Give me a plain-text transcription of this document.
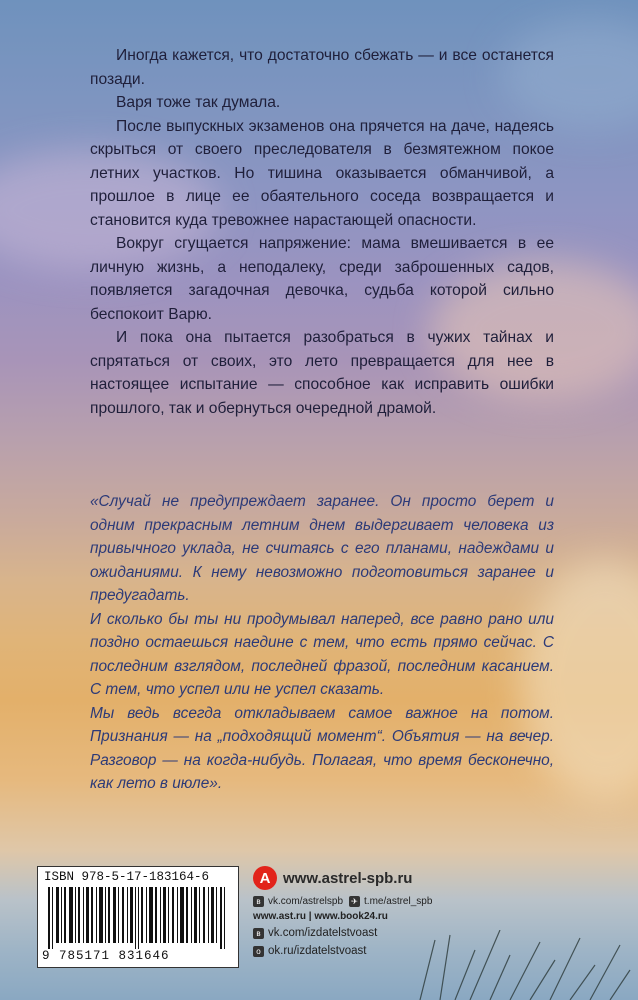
Иногда кажется, что достаточно сбежать — и все останется позади.

Варя тоже так думала.

После выпускных экзаменов она прячется на даче, надеясь скрыться от своего преследователя в безмятежном покое летних участков. Но тишина оказывается обманчивой, а прошлое в лице ее обаятельного соседа возвращается и становится куда тревожнее нарастающей опасности.

Вокруг сгущается напряжение: мама вмешивается в ее личную жизнь, а неподалеку, среди заброшенных садов, появляется загадочная девочка, судьба которой сильно беспокоит Варю.

И пока она пытается разобраться в чужих тайнах и спрятаться от своих, это лето превращается для нее в настоящее испытание — способное как исправить ошибки прошлого, так и обернуться очередной драмой.

«Случай не предупреждает заранее. Он просто берет и одним прекрасным летним днем выдергивает человека из привычного уклада, не считаясь с его планами, надеждами и ожиданиями. К нему невозможно подготовиться заранее и предугадать.

И сколько бы ты ни продумывал наперед, все равно рано или поздно остаешься наедине с тем, что есть прямо сейчас. С последним взглядом, последней фразой, последним касанием. С тем, что успел или не успел сказать.

Мы ведь всегда откладываем самое важное на потом. Признания — на „подходящий момент“. Объятия — на вечер. Разговор — на когда-нибудь. Полагая, что время бесконечно, как лето в июле».

ISBN 978-5-17-183164-6
9 785171 831646
А www.astrel-spb.ru
в vk.com/astrelspb ✈ t.me/astrel_spb
www.ast.ru | www.book24.ru
в vk.com/izdatelstvoast
о ok.ru/izdatelstvoast
